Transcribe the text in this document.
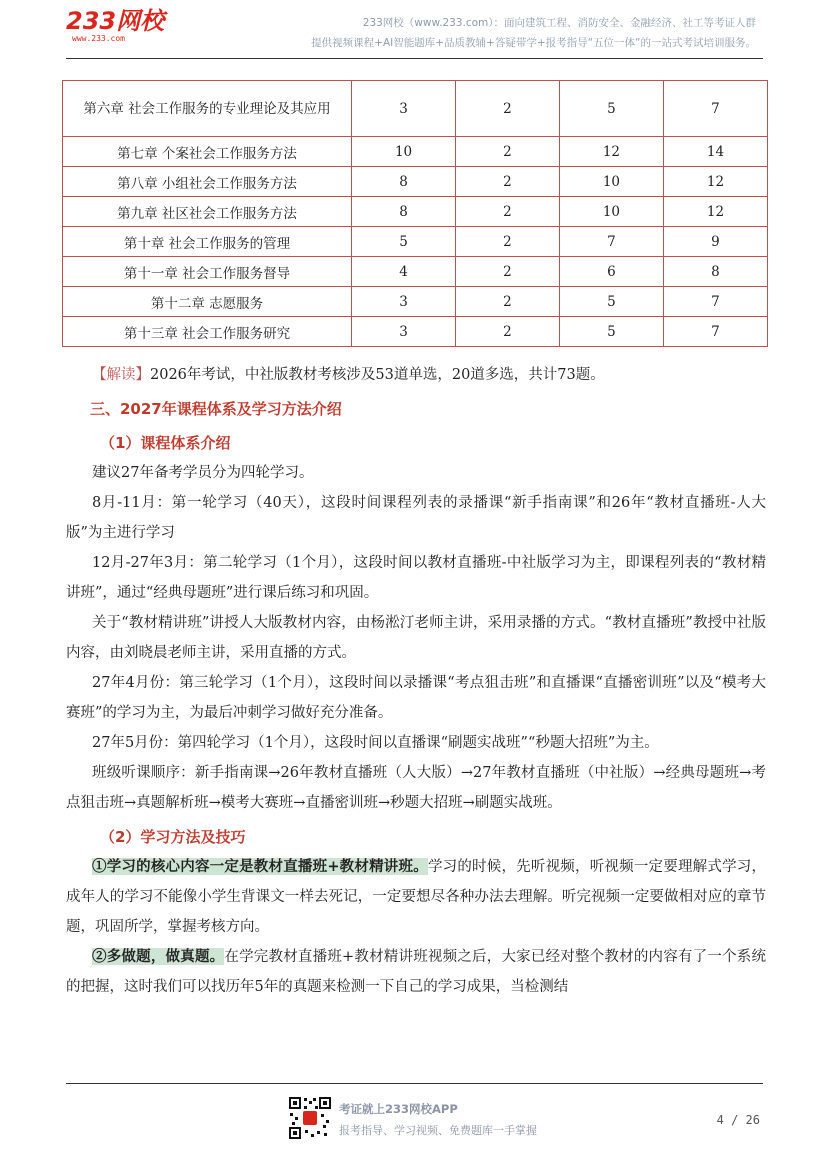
233网校
www.233.com
233网校（www.233.com）：面向建筑工程、消防安全、金融经济、社工等考证人群
提供视频课程+AI智能题库+品质教辅+答疑带学+报考指导“五位一体”的一站式考试培训服务。
第六章 社会工作服务的专业理论及其应用	3	2	5	7
第七章 个案社会工作服务方法	10	2	12	14
第八章 小组社会工作服务方法	8	2	10	12
第九章 社区社会工作服务方法	8	2	10	12
第十章 社会工作服务的管理	5	2	7	9
第十一章 社会工作服务督导	4	2	6	8
第十二章 志愿服务	3	2	5	7
第十三章 社会工作服务研究	3	2	5	7

【解读】2026年考试，中社版教材考核涉及53道单选，20道多选，共计73题。

三、2027年课程体系及学习方法介绍
（1）课程体系介绍

建议27年备考学员分为四轮学习。

8月-11月：第一轮学习（40天），这段时间课程列表的录播课“新手指南课”和26年“教材直播班-人大版”为主进行学习

12月-27年3月：第二轮学习（1个月），这段时间以教材直播班-中社版学习为主，即课程列表的“教材精讲班”，通过“经典母题班”进行课后练习和巩固。

关于“教材精讲班”讲授人大版教材内容，由杨淞汀老师主讲，采用录播的方式。“教材直播班”教授中社版内容，由刘晓晨老师主讲，采用直播的方式。

27年4月份：第三轮学习（1个月），这段时间以录播课“考点狙击班”和直播课“直播密训班”以及“模考大赛班”的学习为主，为最后冲刺学习做好充分准备。

27年5月份：第四轮学习（1个月），这段时间以直播课“刷题实战班”“秒题大招班”为主。

班级听课顺序：新手指南课→26年教材直播班（人大版）→27年教材直播班（中社版）→经典母题班→考点狙击班→真题解析班→模考大赛班→直播密训班→秒题大招班→刷题实战班。

（2）学习方法及技巧

①学习的核心内容一定是教材直播班+教材精讲班。学习的时候，先听视频，听视频一定要理解式学习，成年人的学习不能像小学生背课文一样去死记，一定要想尽各种办法去理解。听完视频一定要做相对应的章节题，巩固所学，掌握考核方向。

②多做题，做真题。在学完教材直播班+教材精讲班视频之后，大家已经对整个教材的内容有了一个系统的把握，这时我们可以找历年5年的真题来检测一下自己的学习成果，当检测结

考证就上233网校APP
报考指导、学习视频、免费题库一手掌握
4 / 26
